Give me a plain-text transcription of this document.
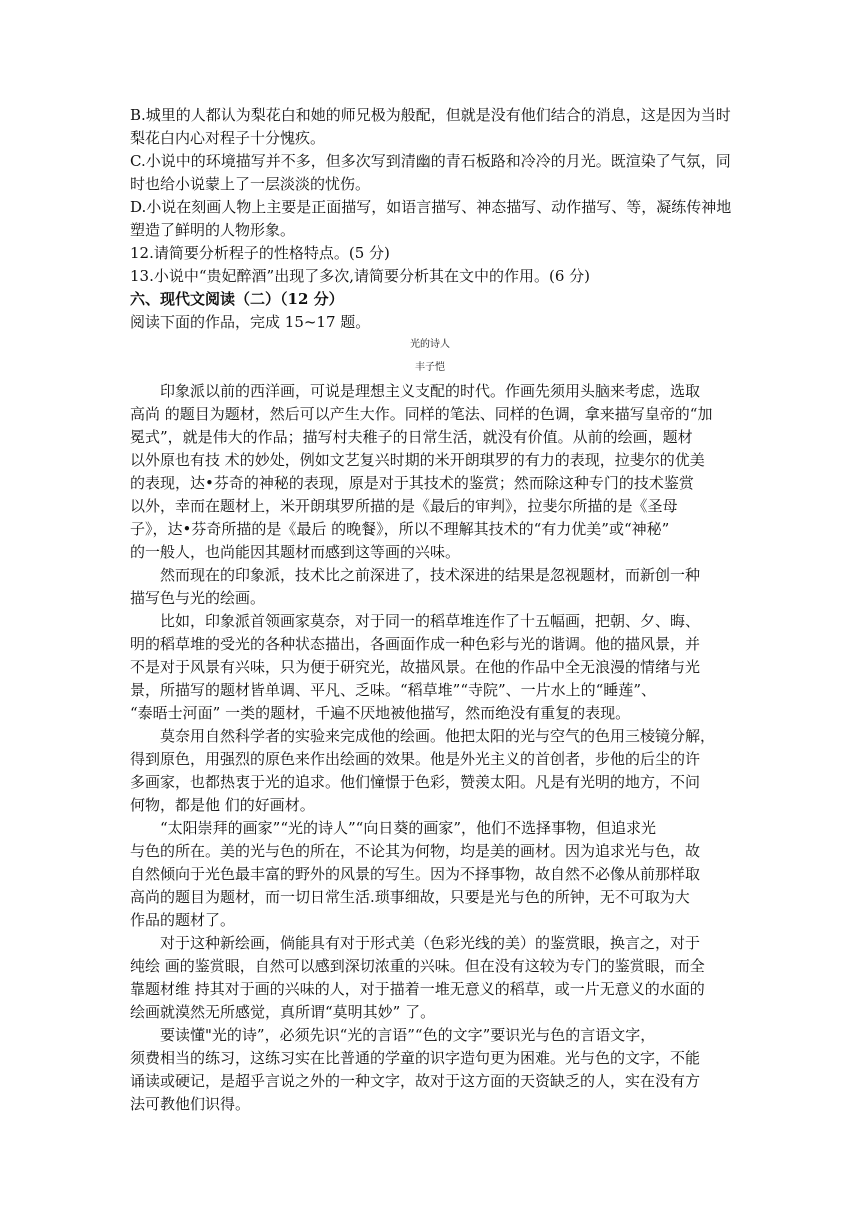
B.城里的人都认为梨花白和她的师兄极为般配，但就是没有他们结合的消息，这是因为当时
梨花白内心对程子十分愧疚。
C.小说中的环境描写并不多，但多次写到清幽的青石板路和冷冷的月光。既渲染了气氛，同
时也给小说蒙上了一层淡淡的忧伤。
D.小说在刻画人物上主要是正面描写，如语言描写、神态描写、动作描写、等，凝练传神地
塑造了鲜明的人物形象。
12.请简要分析程子的性格特点。(5 分)
13.小说中“贵妃醉酒”出现了多次,请简要分析其在文中的作用。(6 分)
六、现代文阅读（二）（12 分）
阅读下面的作品，完成 15~17 题。
光的诗人
丰子恺
印象派以前的西洋画，可说是理想主义支配的时代。作画先须用头脑来考虑，选取
高尚 的题目为题材，然后可以产生大作。同样的笔法、同样的色调，拿来描写皇帝的“加
冕式”，就是伟大的作品；描写村夫稚子的日常生活，就没有价值。从前的绘画，题材
以外原也有技 术的妙处，例如文艺复兴时期的米开朗琪罗的有力的表现，拉斐尔的优美
的表现，达•芬奇的神秘的表现，原是对于其技术的鉴赏；然而除这种专门的技术鉴赏
以外，幸而在题材上，米开朗琪罗所描的是《最后的审判》，拉斐尔所描的是《圣母
子》，达•芬奇所描的是《最后 的晚餐》，所以不理解其技术的“有力优美”或“神秘”
的一般人，也尚能因其题材而感到这等画的兴味。
然而现在的印象派，技术比之前深进了，技术深进的结果是忽视题材，而新创一种
描写色与光的绘画。
比如，印象派首领画家莫奈，对于同一的稻草堆连作了十五幅画，把朝、夕、晦、
明的稻草堆的受光的各种状态描出，各画面作成一种色彩与光的谐调。他的描风景，并
不是对于风景有兴味，只为便于研究光，故描风景。在他的作品中全无浪漫的情绪与光
景，所描写的题材皆单调、平凡、乏味。“稻草堆”“寺院”、一片水上的“睡莲”、
“泰晤士河面” 一类的题材，千遍不厌地被他描写，然而绝没有重复的表现。
莫奈用自然科学者的实验来完成他的绘画。他把太阳的光与空气的色用三棱镜分解，
得到原色，用强烈的原色来作出绘画的效果。他是外光主义的首创者，步他的后尘的许
多画家，也都热衷于光的追求。他们憧憬于色彩，赞羡太阳。凡是有光明的地方，不问
何物，都是他 们的好画材。
“太阳崇拜的画家”“光的诗人”“向日葵的画家”，他们不选择事物，但追求光
与色的所在。美的光与色的所在，不论其为何物，均是美的画材。因为追求光与色，故
自然倾向于光色最丰富的野外的风景的写生。因为不择事物，故自然不必像从前那样取
高尚的题目为题材，而一切日常生活.琐事细故，只要是光与色的所钟，无不可取为大
作品的题材了。
对于这种新绘画，倘能具有对于形式美（色彩光线的美）的鉴赏眼，换言之，对于
纯绘 画的鉴赏眼，自然可以感到深切浓重的兴味。但在没有这较为专门的鉴赏眼，而全
靠题材维 持其对于画的兴味的人，对于描着一堆无意义的稻草，或一片无意义的水面的
绘画就漠然无所感觉，真所谓“莫明其妙” 了。
要读懂"光的诗”，必须先识“光的言语”“色的文字”要识光与色的言语文字，
须费相当的练习，这练习实在比普通的学童的识字造句更为困难。光与色的文字，不能
诵读或硬记，是超乎言说之外的一种文字，故对于这方面的天资缺乏的人，实在没有方
法可教他们识得。
